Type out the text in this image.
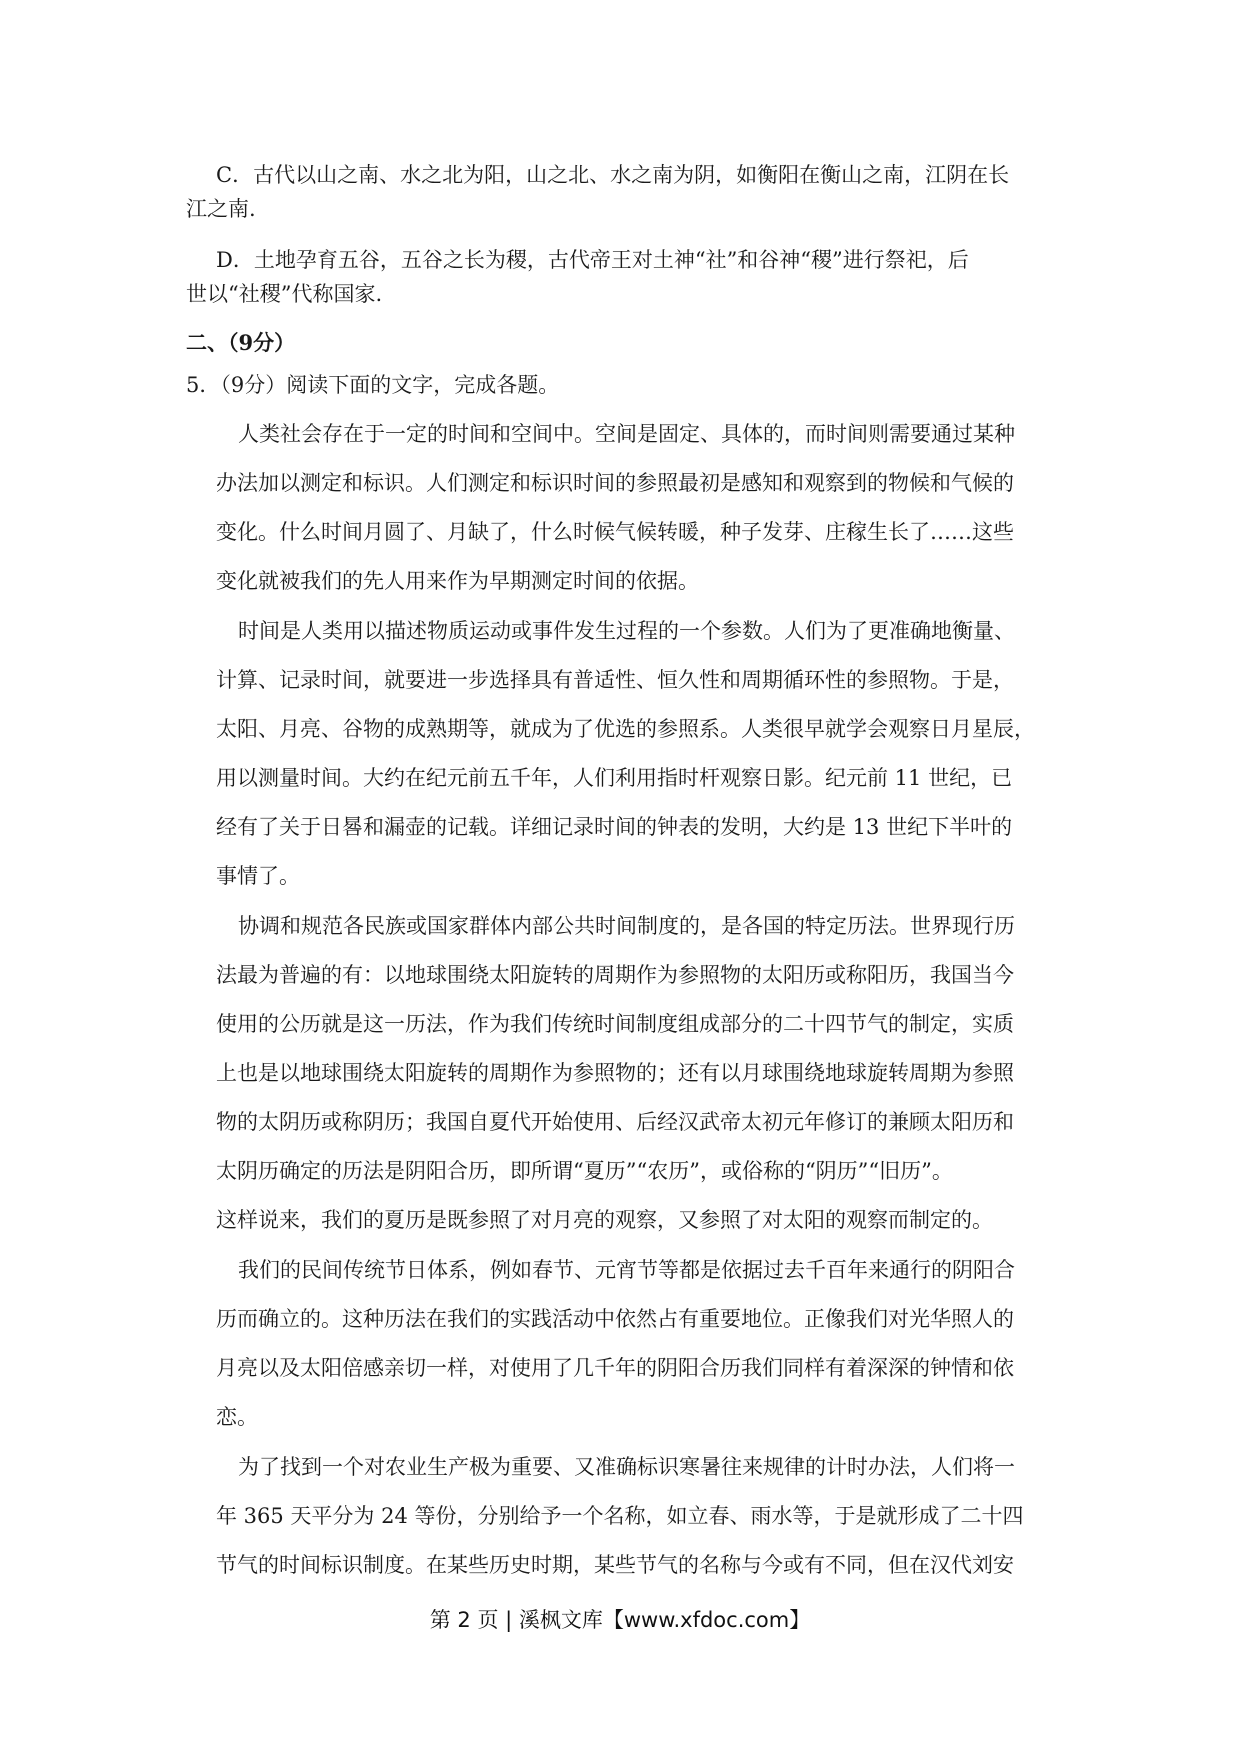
C．古代以山之南、水之北为阳，山之北、水之南为阴，如衡阳在衡山之南，江阴在长
江之南.
D．土地孕育五谷，五谷之长为稷，古代帝王对土神“社”和谷神“稷”进行祭祀，后
世以“社稷”代称国家.
二、（9分）
5．（9分）阅读下面的文字，完成各题。
人类社会存在于一定的时间和空间中。空间是固定、具体的，而时间则需要通过某种
办法加以测定和标识。人们测定和标识时间的参照最初是感知和观察到的物候和气候的
变化。什么时间月圆了、月缺了，什么时候气候转暖，种子发芽、庄稼生长了……这些
变化就被我们的先人用来作为早期测定时间的依据。
时间是人类用以描述物质运动或事件发生过程的一个参数。人们为了更准确地衡量、
计算、记录时间，就要进一步选择具有普适性、恒久性和周期循环性的参照物。于是，
太阳、月亮、谷物的成熟期等，就成为了优选的参照系。人类很早就学会观察日月星辰，
用以测量时间。大约在纪元前五千年，人们利用指时杆观察日影。纪元前 11 世纪，已
经有了关于日晷和漏壶的记载。详细记录时间的钟表的发明，大约是 13 世纪下半叶的
事情了。
协调和规范各民族或国家群体内部公共时间制度的，是各国的特定历法。世界现行历
法最为普遍的有：以地球围绕太阳旋转的周期作为参照物的太阳历或称阳历，我国当今
使用的公历就是这一历法，作为我们传统时间制度组成部分的二十四节气的制定，实质
上也是以地球围绕太阳旋转的周期作为参照物的；还有以月球围绕地球旋转周期为参照
物的太阴历或称阴历；我国自夏代开始使用、后经汉武帝太初元年修订的兼顾太阳历和
太阴历确定的历法是阴阳合历，即所谓“夏历”“农历”，或俗称的“阴历”“旧历”。
这样说来，我们的夏历是既参照了对月亮的观察，又参照了对太阳的观察而制定的。
我们的民间传统节日体系，例如春节、元宵节等都是依据过去千百年来通行的阴阳合
历而确立的。这种历法在我们的实践活动中依然占有重要地位。正像我们对光华照人的
月亮以及太阳倍感亲切一样，对使用了几千年的阴阳合历我们同样有着深深的钟情和依
恋。
为了找到一个对农业生产极为重要、又准确标识寒暑往来规律的计时办法，人们将一
年 365 天平分为 24 等份，分别给予一个名称，如立春、雨水等，于是就形成了二十四
节气的时间标识制度。在某些历史时期，某些节气的名称与今或有不同，但在汉代刘安
第 2 页 | 溪枫文库【www.xfdoc.com】
